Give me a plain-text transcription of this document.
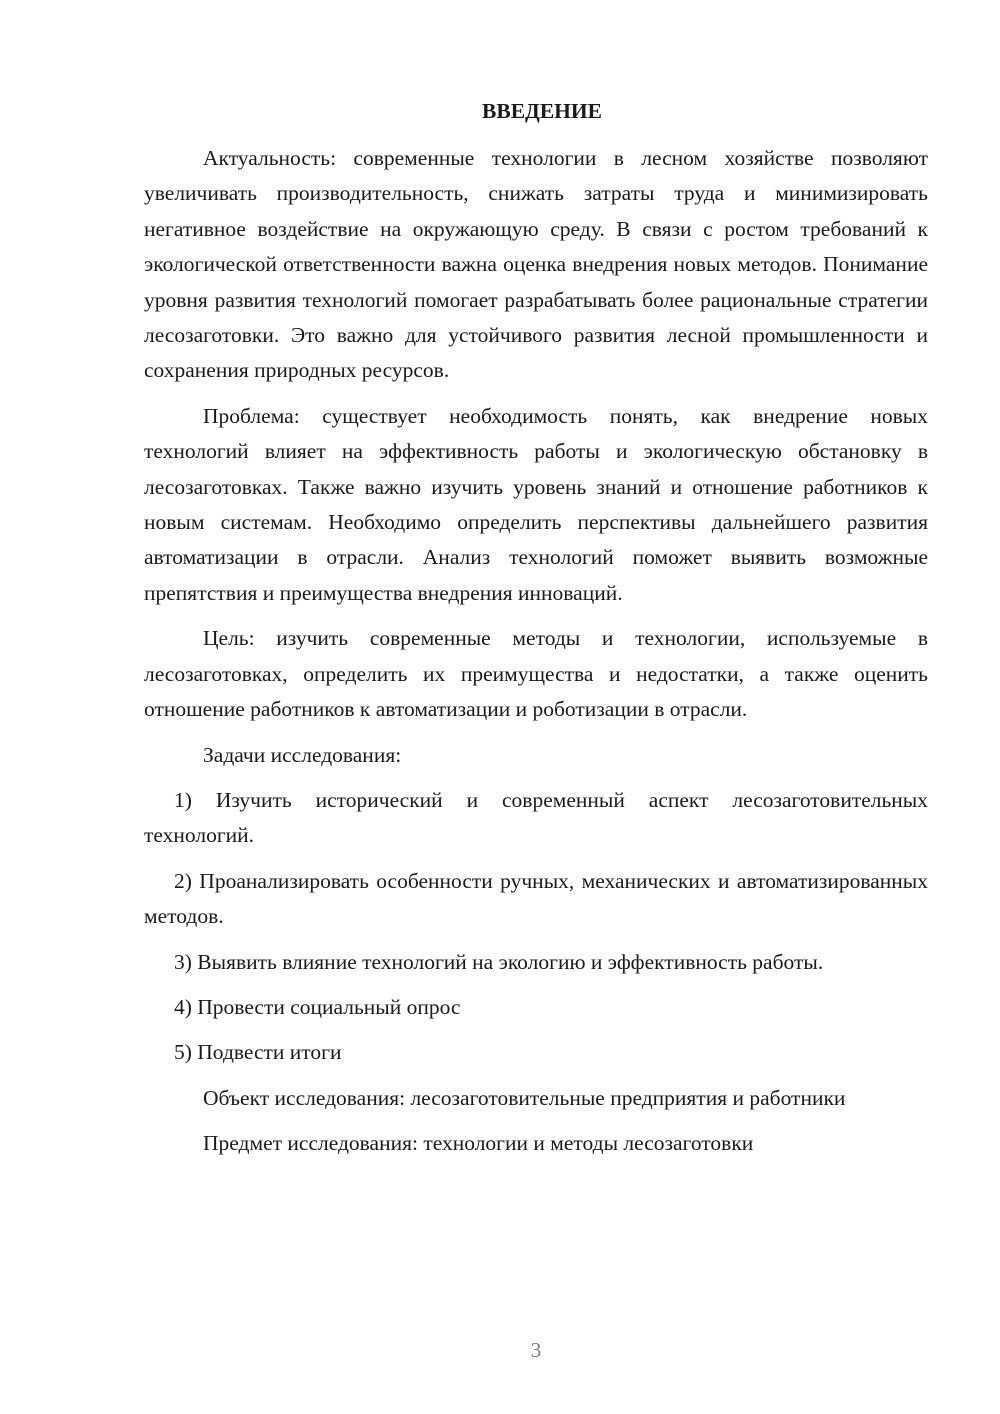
ВВЕДЕНИЕ

Актуальность: современные технологии в лесном хозяйстве позволяют увеличивать производительность, снижать затраты труда и минимизировать негативное воздействие на окружающую среду. В связи с ростом требований к экологической ответственности важна оценка внедрения новых методов. Понимание уровня развития технологий помогает разрабатывать более рациональные стратегии лесозаготовки. Это важно для устойчивого развития лесной промышленности и сохранения природных ресурсов.

Проблема: существует необходимость понять, как внедрение новых технологий влияет на эффективность работы и экологическую обстановку в лесозаготовках. Также важно изучить уровень знаний и отношение работников к новым системам. Необходимо определить перспективы дальнейшего развития автоматизации в отрасли. Анализ технологий поможет выявить возможные препятствия и преимущества внедрения инноваций.

Цель: изучить современные методы и технологии, используемые в лесозаготовках, определить их преимущества и недостатки, а также оценить отношение работников к автоматизации и роботизации в отрасли.

Задачи исследования:

1) Изучить исторический и современный аспект лесозаготовительных технологий.

2) Проанализировать особенности ручных, механических и автоматизированных методов.

3) Выявить влияние технологий на экологию и эффективность работы.

4) Провести социальный опрос

5) Подвести итоги

Объект исследования: лесозаготовительные предприятия и работники

Предмет исследования: технологии и методы лесозаготовки

3
